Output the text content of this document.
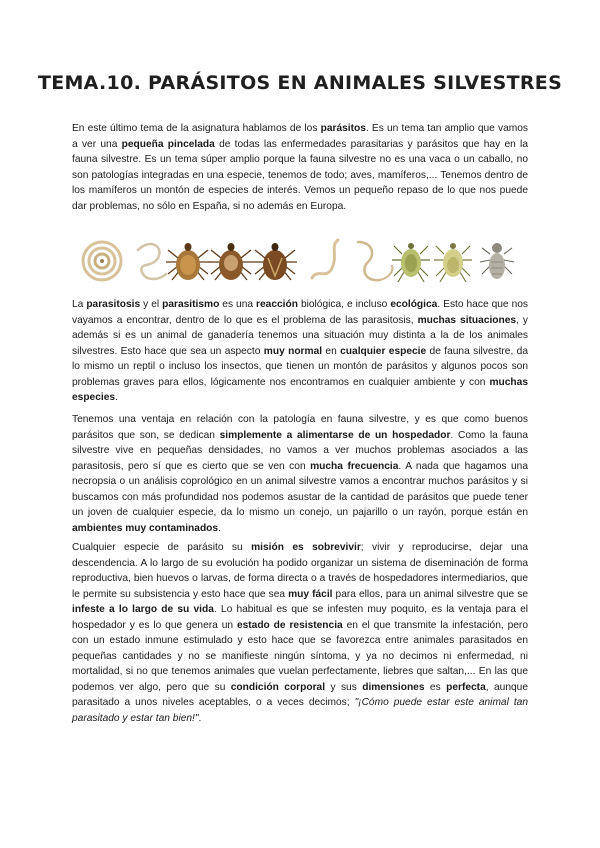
TEMA.10. PARÁSITOS EN ANIMALES SILVESTRES

En este último tema de la asignatura hablamos de los parásitos. Es un tema tan amplio que vamos a ver una pequeña pincelada de todas las enfermedades parasitarias y parásitos que hay en la fauna silvestre. Es un tema súper amplio porque la fauna silvestre no es una vaca o un caballo, no son patologías integradas en una especie, tenemos de todo; aves, mamíferos,... Tenemos dentro de los mamíferos un montón de especies de interés. Vemos un pequeño repaso de lo que nos puede dar problemas, no sólo en España, si no además en Europa.

La parasitosis y el parasitismo es una reacción biológica, e incluso ecológica. Esto hace que nos vayamos a encontrar, dentro de lo que es el problema de las parasitosis, muchas situaciones, y además si es un animal de ganadería tenemos una situación muy distinta a la de los animales silvestres. Esto hace que sea un aspecto muy normal en cualquier especie de fauna silvestre, da lo mismo un reptil o incluso los insectos, que tienen un montón de parásitos y algunos pocos son problemas graves para ellos, lógicamente nos encontramos en cualquier ambiente y con muchas especies.

Tenemos una ventaja en relación con la patología en fauna silvestre, y es que como buenos parásitos que son, se dedican simplemente a alimentarse de un hospedador. Como la fauna silvestre vive en pequeñas densidades, no vamos a ver muchos problemas asociados a las parasitosis, pero sí que es cierto que se ven con mucha frecuencia. A nada que hagamos una necropsia o un análisis coprológico en un animal silvestre vamos a encontrar muchos parásitos y si buscamos con más profundidad nos podemos asustar de la cantidad de parásitos que puede tener un joven de cualquier especie, da lo mismo un conejo, un pajarillo o un rayón, porque están en ambientes muy contaminados.

Cualquier especie de parásito su misión es sobrevivir; vivir y reproducirse, dejar una descendencia. A lo largo de su evolución ha podido organizar un sistema de diseminación de forma reproductiva, bien huevos o larvas, de forma directa o a través de hospedadores intermediarios, que le permite su subsistencia y esto hace que sea muy fácil para ellos, para un animal silvestre que se infeste a lo largo de su vida. Lo habitual es que se infesten muy poquito, es la ventaja para el hospedador y es lo que genera un estado de resistencia en el que transmite la infestación, pero con un estado inmune estimulado y esto hace que se favorezca entre animales parasitados en pequeñas cantidades y no se manifieste ningún síntoma, y ya no decimos ni enfermedad, ni mortalidad, si no que tenemos animales que vuelan perfectamente, liebres que saltan,... En las que podemos ver algo, pero que su condición corporal y sus dimensiones es perfecta, aunque parasitado a unos niveles aceptables, o a veces decimos; "¡Cómo puede estar este animal tan parasitado y estar tan bien!".
